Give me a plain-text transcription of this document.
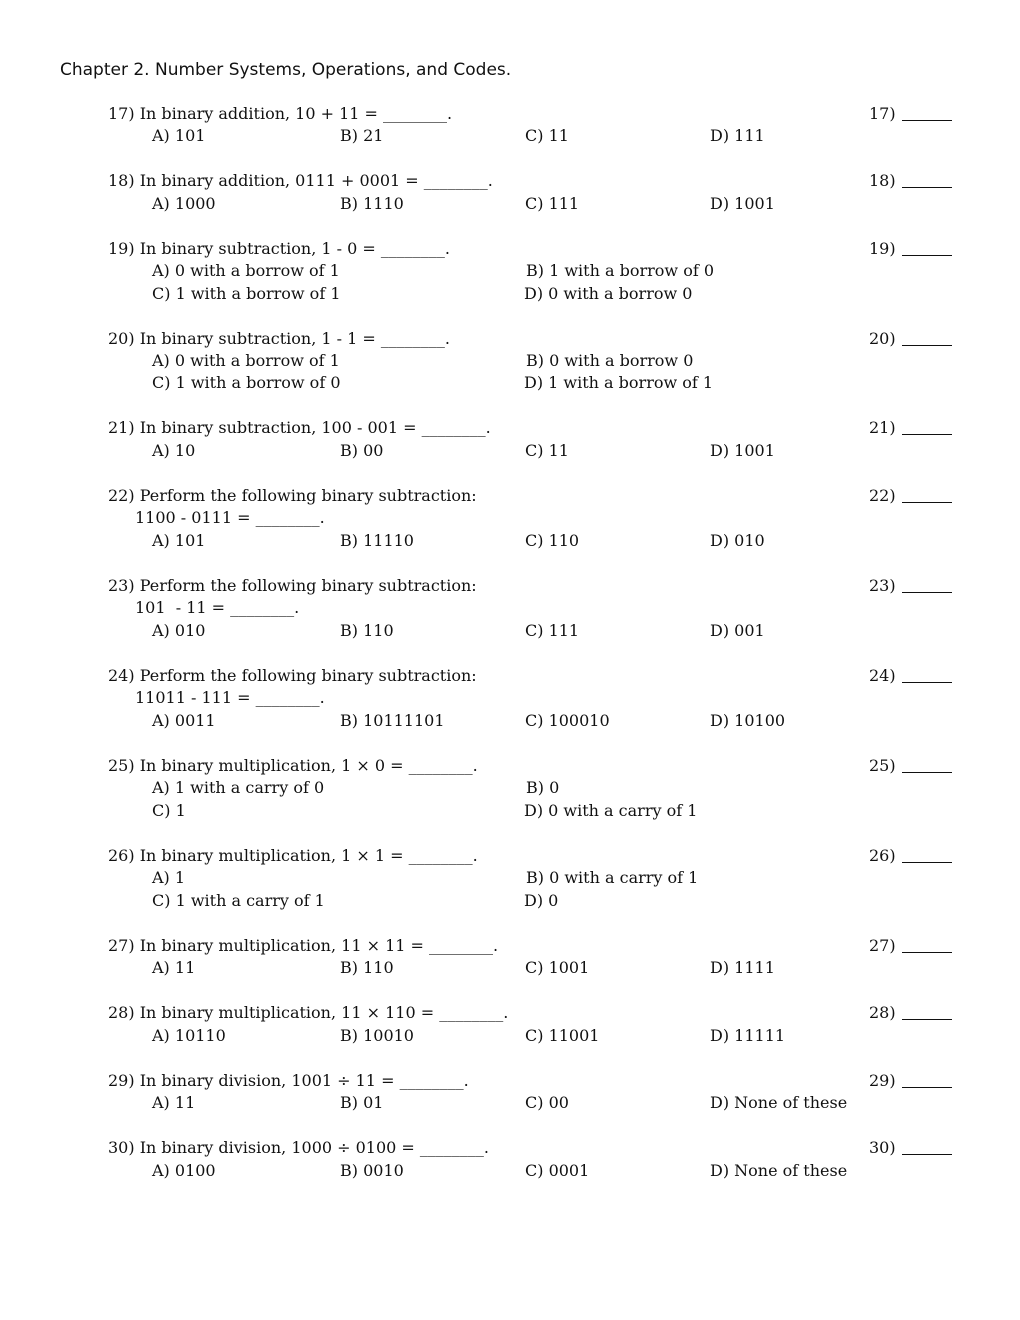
Chapter 2. Number Systems, Operations, and Codes.
17) In binary addition, 10 + 11 = ________.	17)
A) 101	B) 21	C) 11	D) 111
18) In binary addition, 0111 + 0001 = ________.	18)
A) 1000	B) 1110	C) 111	D) 1001
19) In binary subtraction, 1 - 0 = ________.	19)
A) 0 with a borrow of 1	B) 1 with a borrow of 0
C) 1 with a borrow of 1	D) 0 with a borrow 0
20) In binary subtraction, 1 - 1 = ________.	20)
A) 0 with a borrow of 1	B) 0 with a borrow 0
C) 1 with a borrow of 0	D) 1 with a borrow of 1
21) In binary subtraction, 100 - 001 = ________.	21)
A) 10	B) 00	C) 11	D) 1001
22) Perform the following binary subtraction:	22)
1100 - 0111 = ________.
A) 101	B) 11110	C) 110	D) 010
23) Perform the following binary subtraction:	23)
101  - 11 = ________.
A) 010	B) 110	C) 111	D) 001
24) Perform the following binary subtraction:	24)
11011 - 111 = ________.
A) 0011	B) 10111101	C) 100010	D) 10100
25) In binary multiplication, 1 × 0 = ________.	25)
A) 1 with a carry of 0	B) 0
C) 1	D) 0 with a carry of 1
26) In binary multiplication, 1 × 1 = ________.	26)
A) 1	B) 0 with a carry of 1
C) 1 with a carry of 1	D) 0
27) In binary multiplication, 11 × 11 = ________.	27)
A) 11	B) 110	C) 1001	D) 1111
28) In binary multiplication, 11 × 110 = ________.	28)
A) 10110	B) 10010	C) 11001	D) 11111
29) In binary division, 1001 ÷ 11 = ________.	29)
A) 11	B) 01	C) 00	D) None of these
30) In binary division, 1000 ÷ 0100 = ________.	30)
A) 0100	B) 0010	C) 0001	D) None of these
